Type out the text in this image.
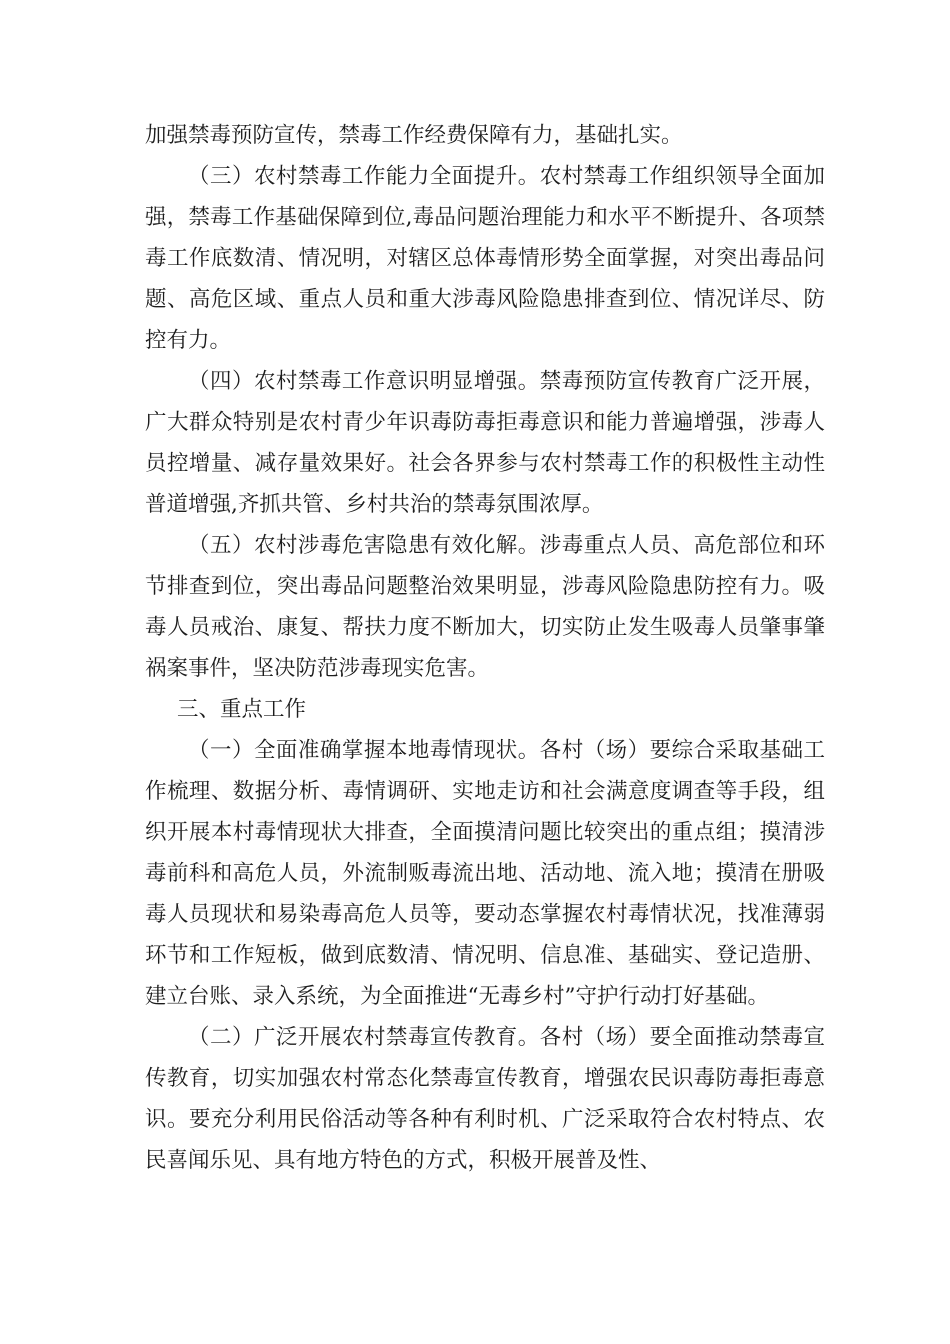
加强禁毒预防宣传，禁毒工作经费保障有力，基础扎实。

（三）农村禁毒工作能力全面提升。农村禁毒工作组织领导全面加强，禁毒工作基础保障到位,毒品问题治理能力和水平不断提升、各项禁毒工作底数清、情况明，对辖区总体毒情形势全面掌握，对突出毒品问题、高危区域、重点人员和重大涉毒风险隐患排查到位、情况详尽、防控有力。

（四）农村禁毒工作意识明显增强。禁毒预防宣传教育广泛开展，广大群众特别是农村青少年识毒防毒拒毒意识和能力普遍增强，涉毒人员控增量、减存量效果好。社会各界参与农村禁毒工作的积极性主动性普道增强,齐抓共管、乡村共治的禁毒氛围浓厚。

（五）农村涉毒危害隐患有效化解。涉毒重点人员、高危部位和环节排查到位，突出毒品问题整治效果明显，涉毒风险隐患防控有力。吸毒人员戒治、康复、帮扶力度不断加大，切实防止发生吸毒人员肇事肇祸案事件，坚决防范涉毒现实危害。

三、重点工作

（一）全面准确掌握本地毒情现状。各村（场）要综合采取基础工作梳理、数据分析、毒情调研、实地走访和社会满意度调查等手段，组织开展本村毒情现状大排查，全面摸清问题比较突出的重点组；摸清涉毒前科和高危人员，外流制贩毒流出地、活动地、流入地；摸清在册吸毒人员现状和易染毒高危人员等，要动态掌握农村毒情状况，找准薄弱环节和工作短板，做到底数清、情况明、信息准、基础实、登记造册、建立台账、录入系统，为全面推进“无毒乡村”守护行动打好基础。

（二）广泛开展农村禁毒宣传教育。各村（场）要全面推动禁毒宣传教育，切实加强农村常态化禁毒宣传教育，增强农民识毒防毒拒毒意识。要充分利用民俗活动等各种有利时机、广泛采取符合农村特点、农民喜闻乐见、具有地方特色的方式，积极开展普及性、
